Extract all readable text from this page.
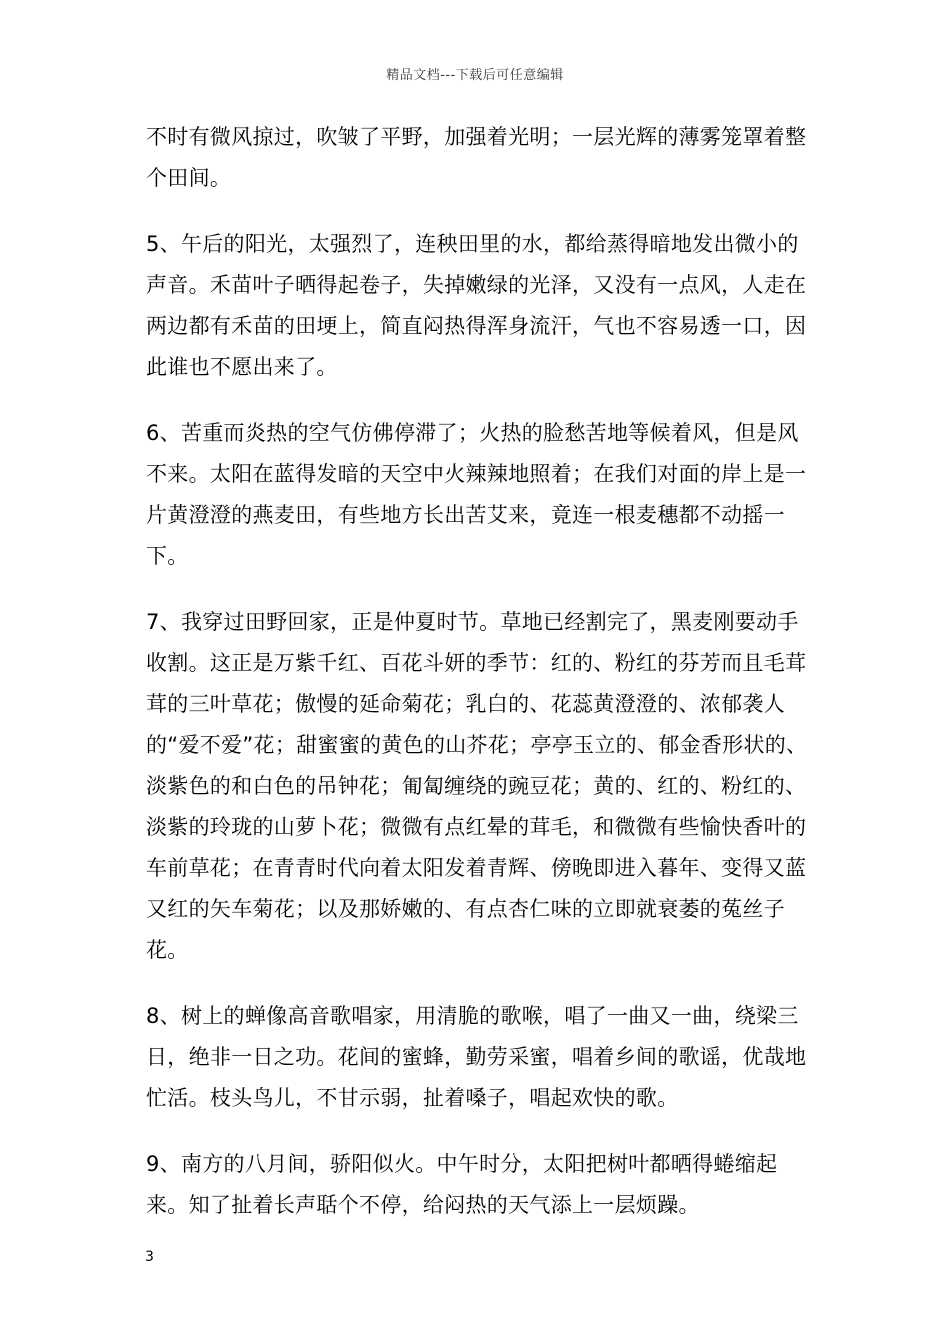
精品文档---下载后可任意编辑

不时有微风掠过，吹皱了平野，加强着光明；一层光辉的薄雾笼罩着整个田间。

5、午后的阳光，太强烈了，连秧田里的水，都给蒸得暗地发出微小的声音。禾苗叶子晒得起卷子，失掉嫩绿的光泽，又没有一点风，人走在两边都有禾苗的田埂上，简直闷热得浑身流汗，气也不容易透一口，因此谁也不愿出来了。

6、苦重而炎热的空气仿佛停滞了；火热的脸愁苦地等候着风，但是风不来。太阳在蓝得发暗的天空中火辣辣地照着；在我们对面的岸上是一片黄澄澄的燕麦田，有些地方长出苦艾来，竟连一根麦穗都不动摇一下。

7、我穿过田野回家，正是仲夏时节。草地已经割完了，黑麦刚要动手收割。这正是万紫千红、百花斗妍的季节：红的、粉红的芬芳而且毛茸茸的三叶草花；傲慢的延命菊花；乳白的、花蕊黄澄澄的、浓郁袭人的“爱不爱”花；甜蜜蜜的黄色的山芥花；亭亭玉立的、郁金香形状的、淡紫色的和白色的吊钟花；匍匐缠绕的豌豆花；黄的、红的、粉红的、淡紫的玲珑的山萝卜花；微微有点红晕的茸毛，和微微有些愉快香叶的车前草花；在青青时代向着太阳发着青辉、傍晚即进入暮年、变得又蓝又红的矢车菊花；以及那娇嫩的、有点杏仁味的立即就衰萎的菟丝子花。

8、树上的蝉像高音歌唱家，用清脆的歌喉，唱了一曲又一曲，绕梁三日，绝非一日之功。花间的蜜蜂，勤劳采蜜，唱着乡间的歌谣，优哉地忙活。枝头鸟儿，不甘示弱，扯着嗓子，唱起欢快的歌。

9、南方的八月间，骄阳似火。中午时分，太阳把树叶都晒得蜷缩起来。知了扯着长声聒个不停，给闷热的天气添上一层烦躁。

3
